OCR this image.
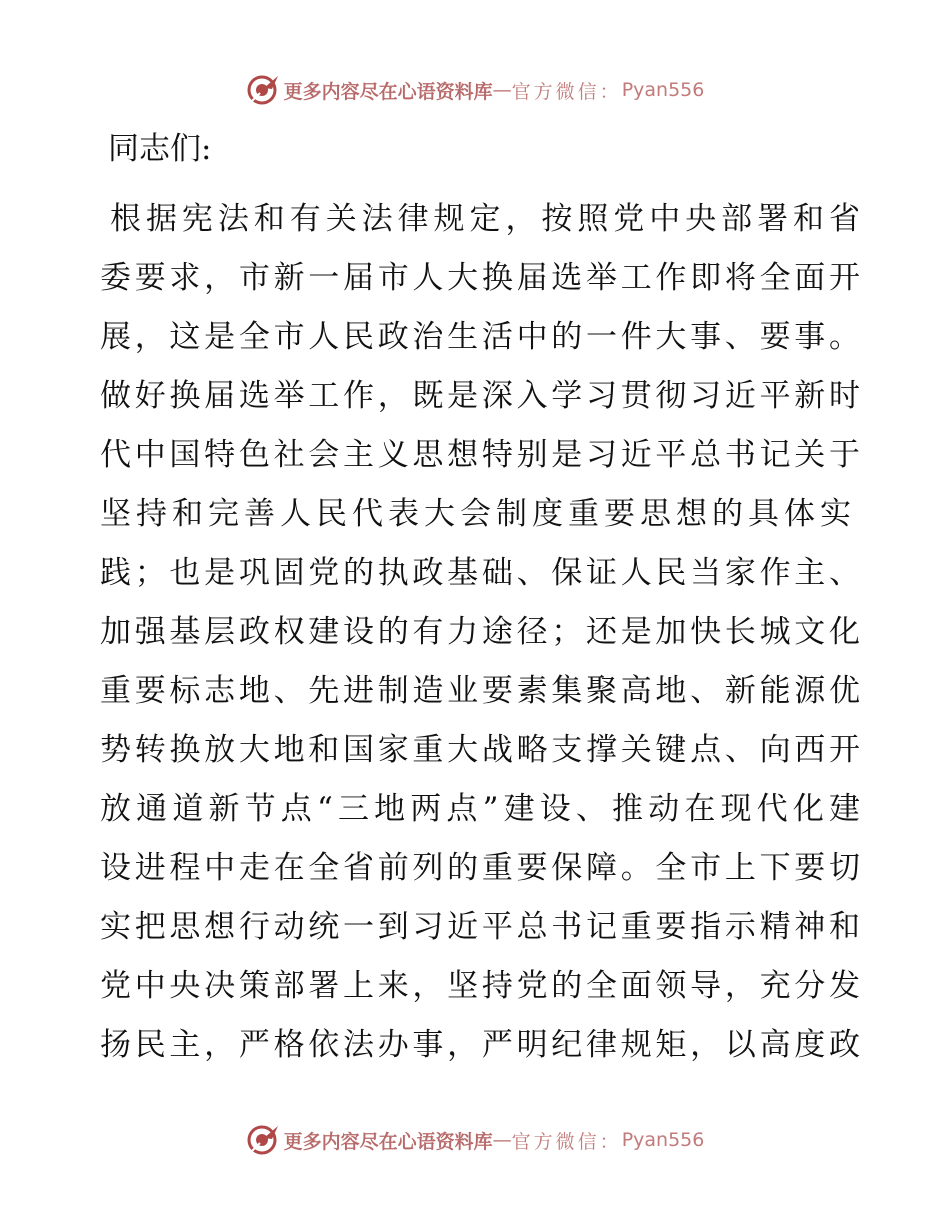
更多内容尽在心语资料库 — 官方微信： Pyan556

同志们:

根据宪法和有关法律规定，按照党中央部署和省
委要求，市新一届市人大换届选举工作即将全面开
展，这是全市人民政治生活中的一件大事、要事。
做好换届选举工作，既是深入学习贯彻习近平新时
代中国特色社会主义思想特别是习近平总书记关于
坚持和完善人民代表大会制度重要思想的具体实
践；也是巩固党的执政基础、保证人民当家作主、
加强基层政权建设的有力途径；还是加快长城文化
重要标志地、先进制造业要素集聚高地、新能源优
势转换放大地和国家重大战略支撑关键点、向西开
放通道新节点“三地两点”建设、推动在现代化建
设进程中走在全省前列的重要保障。全市上下要切
实把思想行动统一到习近平总书记重要指示精神和
党中央决策部署上来，坚持党的全面领导，充分发
扬民主，严格依法办事，严明纪律规矩，以高度政
更多内容尽在心语资料库 — 官方微信： Pyan556
